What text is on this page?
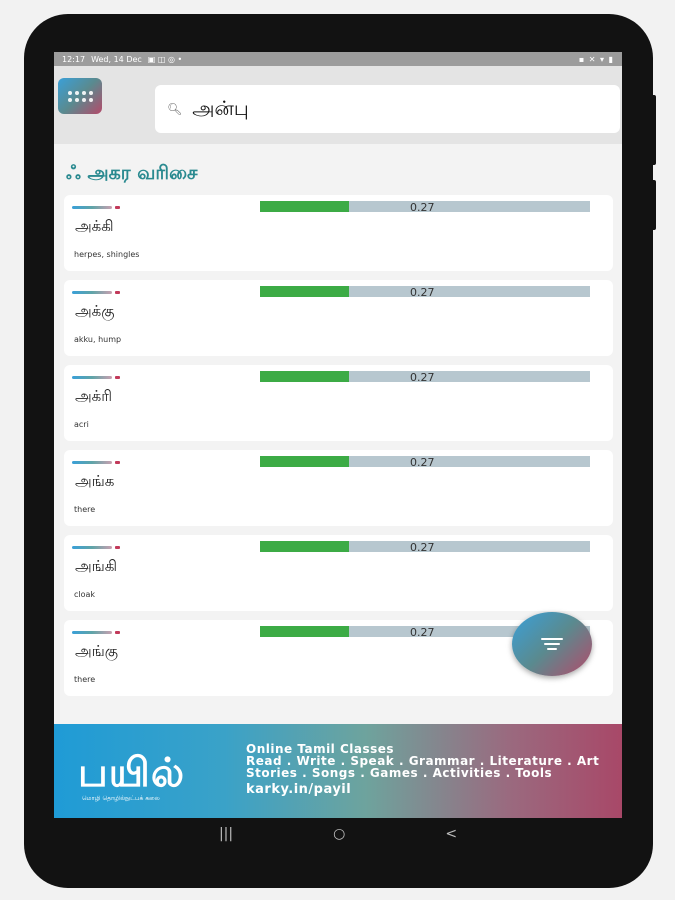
12:17 Wed, 14 Dec ▣ ◫ ◎ •	▪ ✕ ▾ ▮
🔍︎ அன்பு
ஃ அகர வரிசை
அக்கி
herpes, shingles
0.27
அக்கு
akku, hump
0.27
அக்ரி
acri
0.27
அங்க
there
0.27
அங்கி
cloak
0.27
அங்கு
there
0.27
பயில்
மொழி தொழில்நுட்பக் கலை
Online Tamil Classes
Read . Write . Speak . Grammar . Literature . Art
Stories . Songs . Games . Activities . Tools
karky.in/payil
|||	○	<
